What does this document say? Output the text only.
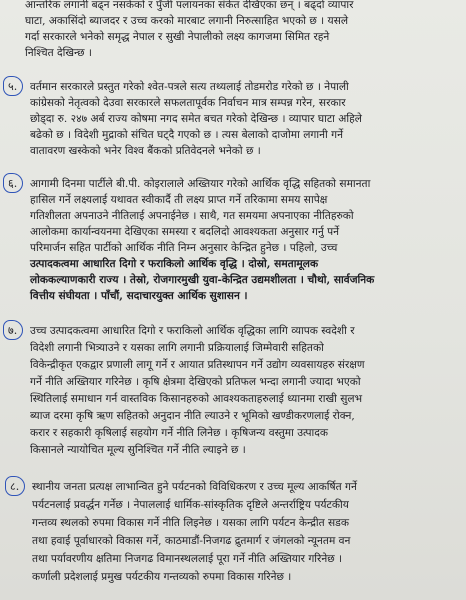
आन्तरिक लगानी बढ्न नसकेको र पुँजी पलायनका संकेत देखिएका छन् । बढ्दो व्यापार
घाटा, अकासिंदो ब्याजदर र उच्च करको मारबाट लगानी निरुत्साहित भएको छ । यसले
गर्दा सरकारले भनेको समृद्ध नेपाल र सुखी नेपालीको लक्ष्य कागजमा सिमित रहने
निश्चित देखिन्छ ।
५. वर्तमान सरकारले प्रस्तुत गरेको श्वेत-पत्रले सत्य तथ्यलाई तोडमरोड गरेको छ । नेपाली
कांग्रेसको नेतृत्वको देउवा सरकारले सफलतापूर्वक निर्वाचन मात्र सम्पन्न गरेन, सरकार
छोड्दा रु. २४७ अर्ब राज्य कोषमा नगद समेत बचत गरेको देखिन्छ । व्यापार घाटा अहिले
बढेको छ । विदेशी मुद्राको संचित घट्दै गएको छ । त्यस बेलाको दाजोमा लगानी गर्ने
वातावरण खस्केको भनेर विश्व बैंकको प्रतिवेदनले भनेको छ ।
६. आगामी दिनमा पार्टीले बी.पी. कोइरालाले अख्तियार गरेको आर्थिक वृद्धि सहितको समानता
हासिल गर्ने लक्ष्यलाई यथावत स्वीकार्दै ती लक्ष्य प्राप्त गर्ने तरिकामा समय सापेक्ष
गतिशीलता अपनाउने नीतिलाई अपनाईनेछ । साथै, गत समयमा अपनाएका नीतिहरुको
आलोकमा कार्यान्वयनमा देखिएका समस्या र बदलिदो आवश्यकता अनुसार गर्नु पर्ने
परिमार्जन सहित पार्टीको आर्थिक नीति निम्न अनुसार केन्द्रित हुनेछ । पहिलो, उच्च
उत्पादकत्वमा आधारित दिगो र फराकिलो आर्थिक वृद्धि । दोस्रो, समतामूलक
लोककल्याणकारी राज्य । तेस्रो, रोजगारमुखी युवा-केन्द्रित उद्यमशीलता । चौथो, सार्वजनिक
वित्तीय संघीयता । पाँचौं, सदाचारयुक्त आर्थिक सुशासन ।
७. उच्च उत्पादकत्वमा आधारित दिगो र फराकिलो आर्थिक वृद्धिका लागि व्यापक स्वदेशी र
विदेशी लगानी भित्र्याउने र यसका लागि लगानी प्रक्रियालाई जिम्मेवारी सहितको
विकेन्द्रीकृत एकद्वार प्रणाली लागू गर्ने र आयात प्रतिस्थापन गर्ने उद्योग व्यवसायहरु संरक्षण
गर्ने नीति अख्तियार गरिनेछ । कृषि क्षेत्रमा देखिएको प्रतिफल भन्दा लगानी ज्यादा भएको
स्थितिलाई समाधान गर्न वास्तविक किसानहरुको आवश्यकताहरुलाई ध्यानमा राखी सुलभ
ब्याज दरमा कृषि ऋण सहितको अनुदान नीति ल्याउने र भूमिको खण्डीकरणलाई रोक्न,
करार र सहकारी कृषिलाई सहयोग गर्ने नीति लिनेछ । कृषिजन्य वस्तुमा उत्पादक
किसानले न्यायोचित मूल्य सुनिश्चित गर्ने नीति ल्याइने छ ।
८. स्थानीय जनता प्रत्यक्ष लाभान्वित हुने पर्यटनको विविधिकरण र उच्च मूल्य आकर्षित गर्ने
पर्यटनलाई प्रवर्द्धन गर्नेछ । नेपाललाई धार्मिक-सांस्कृतिक दृष्टिले अन्तर्राष्ट्रिय पर्यटकीय
गन्तव्य स्थलको रुपमा विकास गर्ने नीति लिइनेछ । यसका लागि पर्यटन केन्द्रीत सडक
तथा हवाई पूर्वाधारको विकास गर्ने, काठमाडौं-निजगढ द्रुतमार्ग र जंगलको न्यूनतम वन
तथा पर्यावरणीय क्षतिमा निजगढ विमानस्थललाई पूरा गर्ने नीति अख्तियार गरिनेछ ।
कर्णाली प्रदेशलाई प्रमुख पर्यटकीय गन्तव्यको रुपमा विकास गरिनेछ ।
